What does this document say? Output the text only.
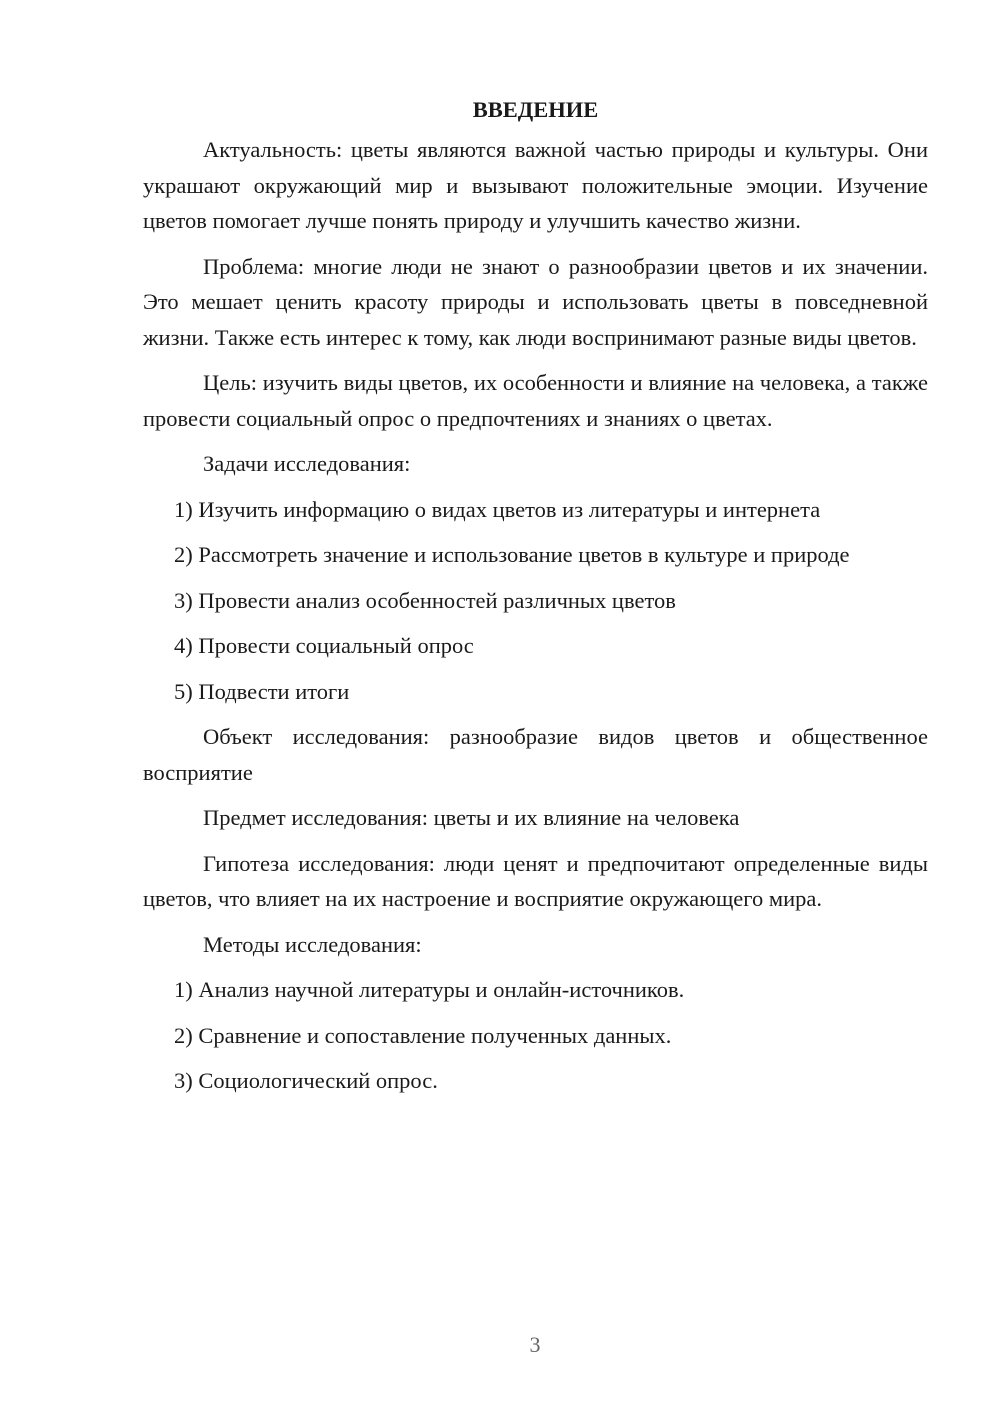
ВВЕДЕНИЕ

Актуальность: цветы являются важной частью природы и культуры. Они украшают окружающий мир и вызывают положительные эмоции. Изучение цветов помогает лучше понять природу и улучшить качество жизни.

Проблема: многие люди не знают о разнообразии цветов и их значении. Это мешает ценить красоту природы и использовать цветы в повседневной жизни. Также есть интерес к тому, как люди воспринимают разные виды цветов.

Цель: изучить виды цветов, их особенности и влияние на человека, а также провести социальный опрос о предпочтениях и знаниях о цветах.

Задачи исследования:
1) Изучить информацию о видах цветов из литературы и интернета
2) Рассмотреть значение и использование цветов в культуре и природе
3) Провести анализ особенностей различных цветов
4) Провести социальный опрос
5) Подвести итоги

Объект исследования: разнообразие видов цветов и общественное восприятие

Предмет исследования: цветы и их влияние на человека

Гипотеза исследования: люди ценят и предпочитают определенные виды цветов, что влияет на их настроение и восприятие окружающего мира.

Методы исследования:
1) Анализ научной литературы и онлайн-источников.
2) Сравнение и сопоставление полученных данных.
3) Социологический опрос.
3
